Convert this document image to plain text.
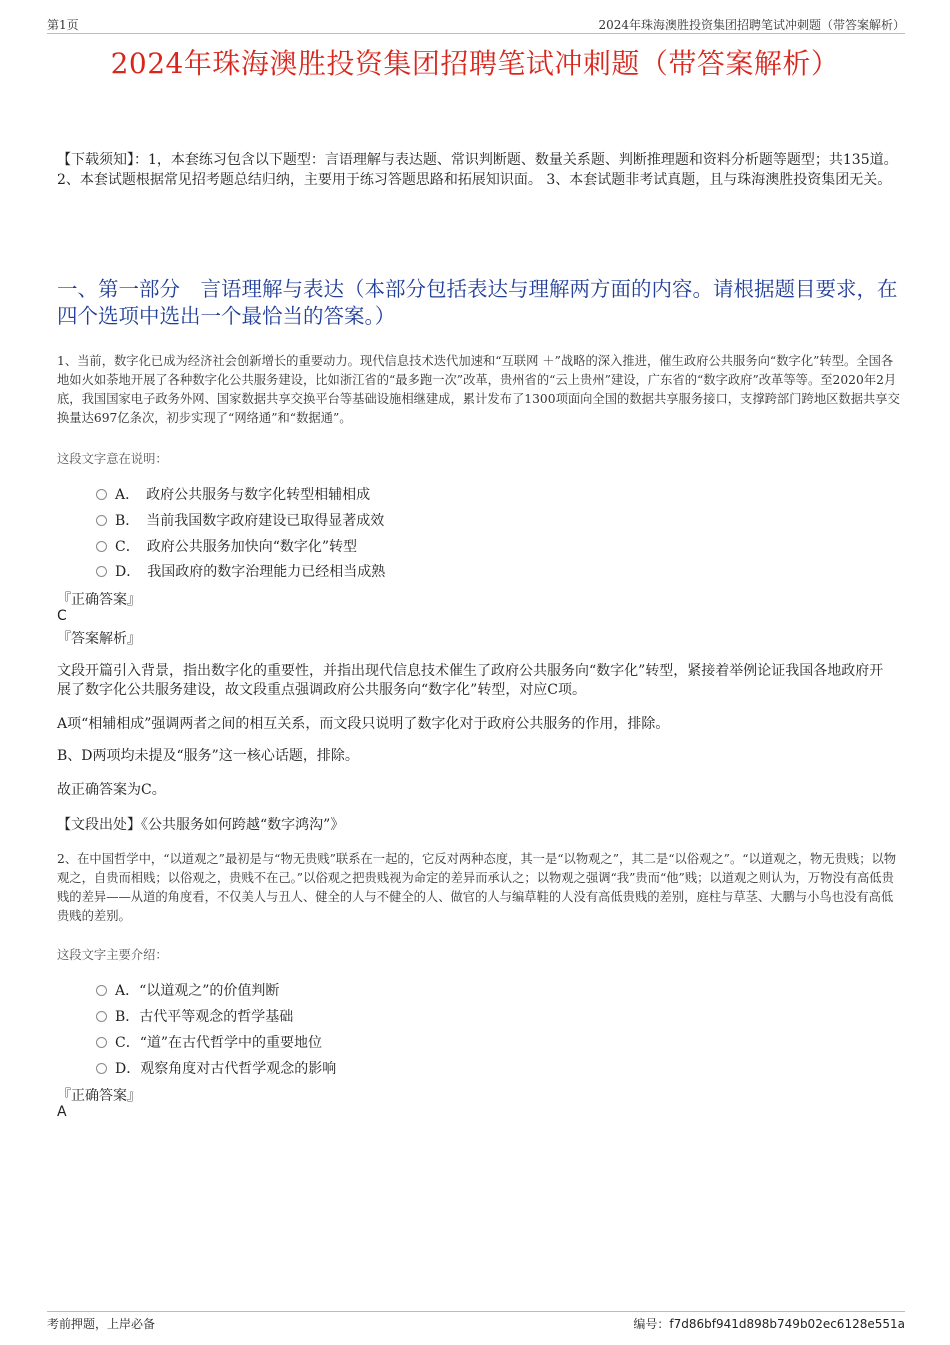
第1页	2024年珠海澳胜投资集团招聘笔试冲刺题（带答案解析）
2024年珠海澳胜投资集团招聘笔试冲刺题（带答案解析）
【下载须知】：1，本套练习包含以下题型：言语理解与表达题、常识判断题、数量关系题、判断推理题和资料分析题等题型；共135道。 2、本套试题根据常见招考题总结归纳，主要用于练习答题思路和拓展知识面。 3、本套试题非考试真题，且与珠海澳胜投资集团无关。
一、第一部分　言语理解与表达（本部分包括表达与理解两方面的内容。请根据题目要求，在四个选项中选出一个最恰当的答案。）
1、当前，数字化已成为经济社会创新增长的重要动力。现代信息技术迭代加速和“互联网 ＋”战略的深入推进，催生政府公共服务向“数字化”转型。全国各地如火如荼地开展了各种数字化公共服务建设，比如浙江省的“最多跑一次”改革，贵州省的“云上贵州”建设，广东省的“数字政府”改革等等。至2020年2月底，我国国家电子政务外网、国家数据共享交换平台等基础设施相继建成，累计发布了1300项面向全国的数据共享服务接口，支撑跨部门跨地区数据共享交换量达697亿条次，初步实现了“网络通”和“数据通”。
这段文字意在说明：
A．　政府公共服务与数字化转型相辅相成
B．　当前我国数字政府建设已取得显著成效
C．　政府公共服务加快向“数字化”转型
D．　我国政府的数字治理能力已经相当成熟
『正确答案』
C
『答案解析』
文段开篇引入背景，指出数字化的重要性，并指出现代信息技术催生了政府公共服务向“数字化”转型，紧接着举例论证我国各地政府开展了数字化公共服务建设，故文段重点强调政府公共服务向“数字化”转型，对应C项。
A项“相辅相成”强调两者之间的相互关系，而文段只说明了数字化对于政府公共服务的作用，排除。
B、D两项均未提及“服务”这一核心话题，排除。
故正确答案为C。
【文段出处】《公共服务如何跨越“数字鸿沟”》
2、在中国哲学中，“以道观之”最初是与“物无贵贱”联系在一起的，它反对两种态度，其一是“以物观之”，其二是“以俗观之”。“以道观之，物无贵贱；以物观之，自贵而相贱；以俗观之，贵贱不在己。”以俗观之把贵贱视为命定的差异而承认之；以物观之强调“我”贵而“他”贱；以道观之则认为，万物没有高低贵贱的差异——从道的角度看，不仅美人与丑人、健全的人与不健全的人、做官的人与编草鞋的人没有高低贵贱的差别，庭柱与草茎、大鹏与小鸟也没有高低贵贱的差别。
这段文字主要介绍：
A．“以道观之”的价值判断
B．古代平等观念的哲学基础
C．“道”在古代哲学中的重要地位
D．观察角度对古代哲学观念的影响
『正确答案』
A
考前押题，上岸必备	编号：f7d86bf941d898b749b02ec6128e551a
